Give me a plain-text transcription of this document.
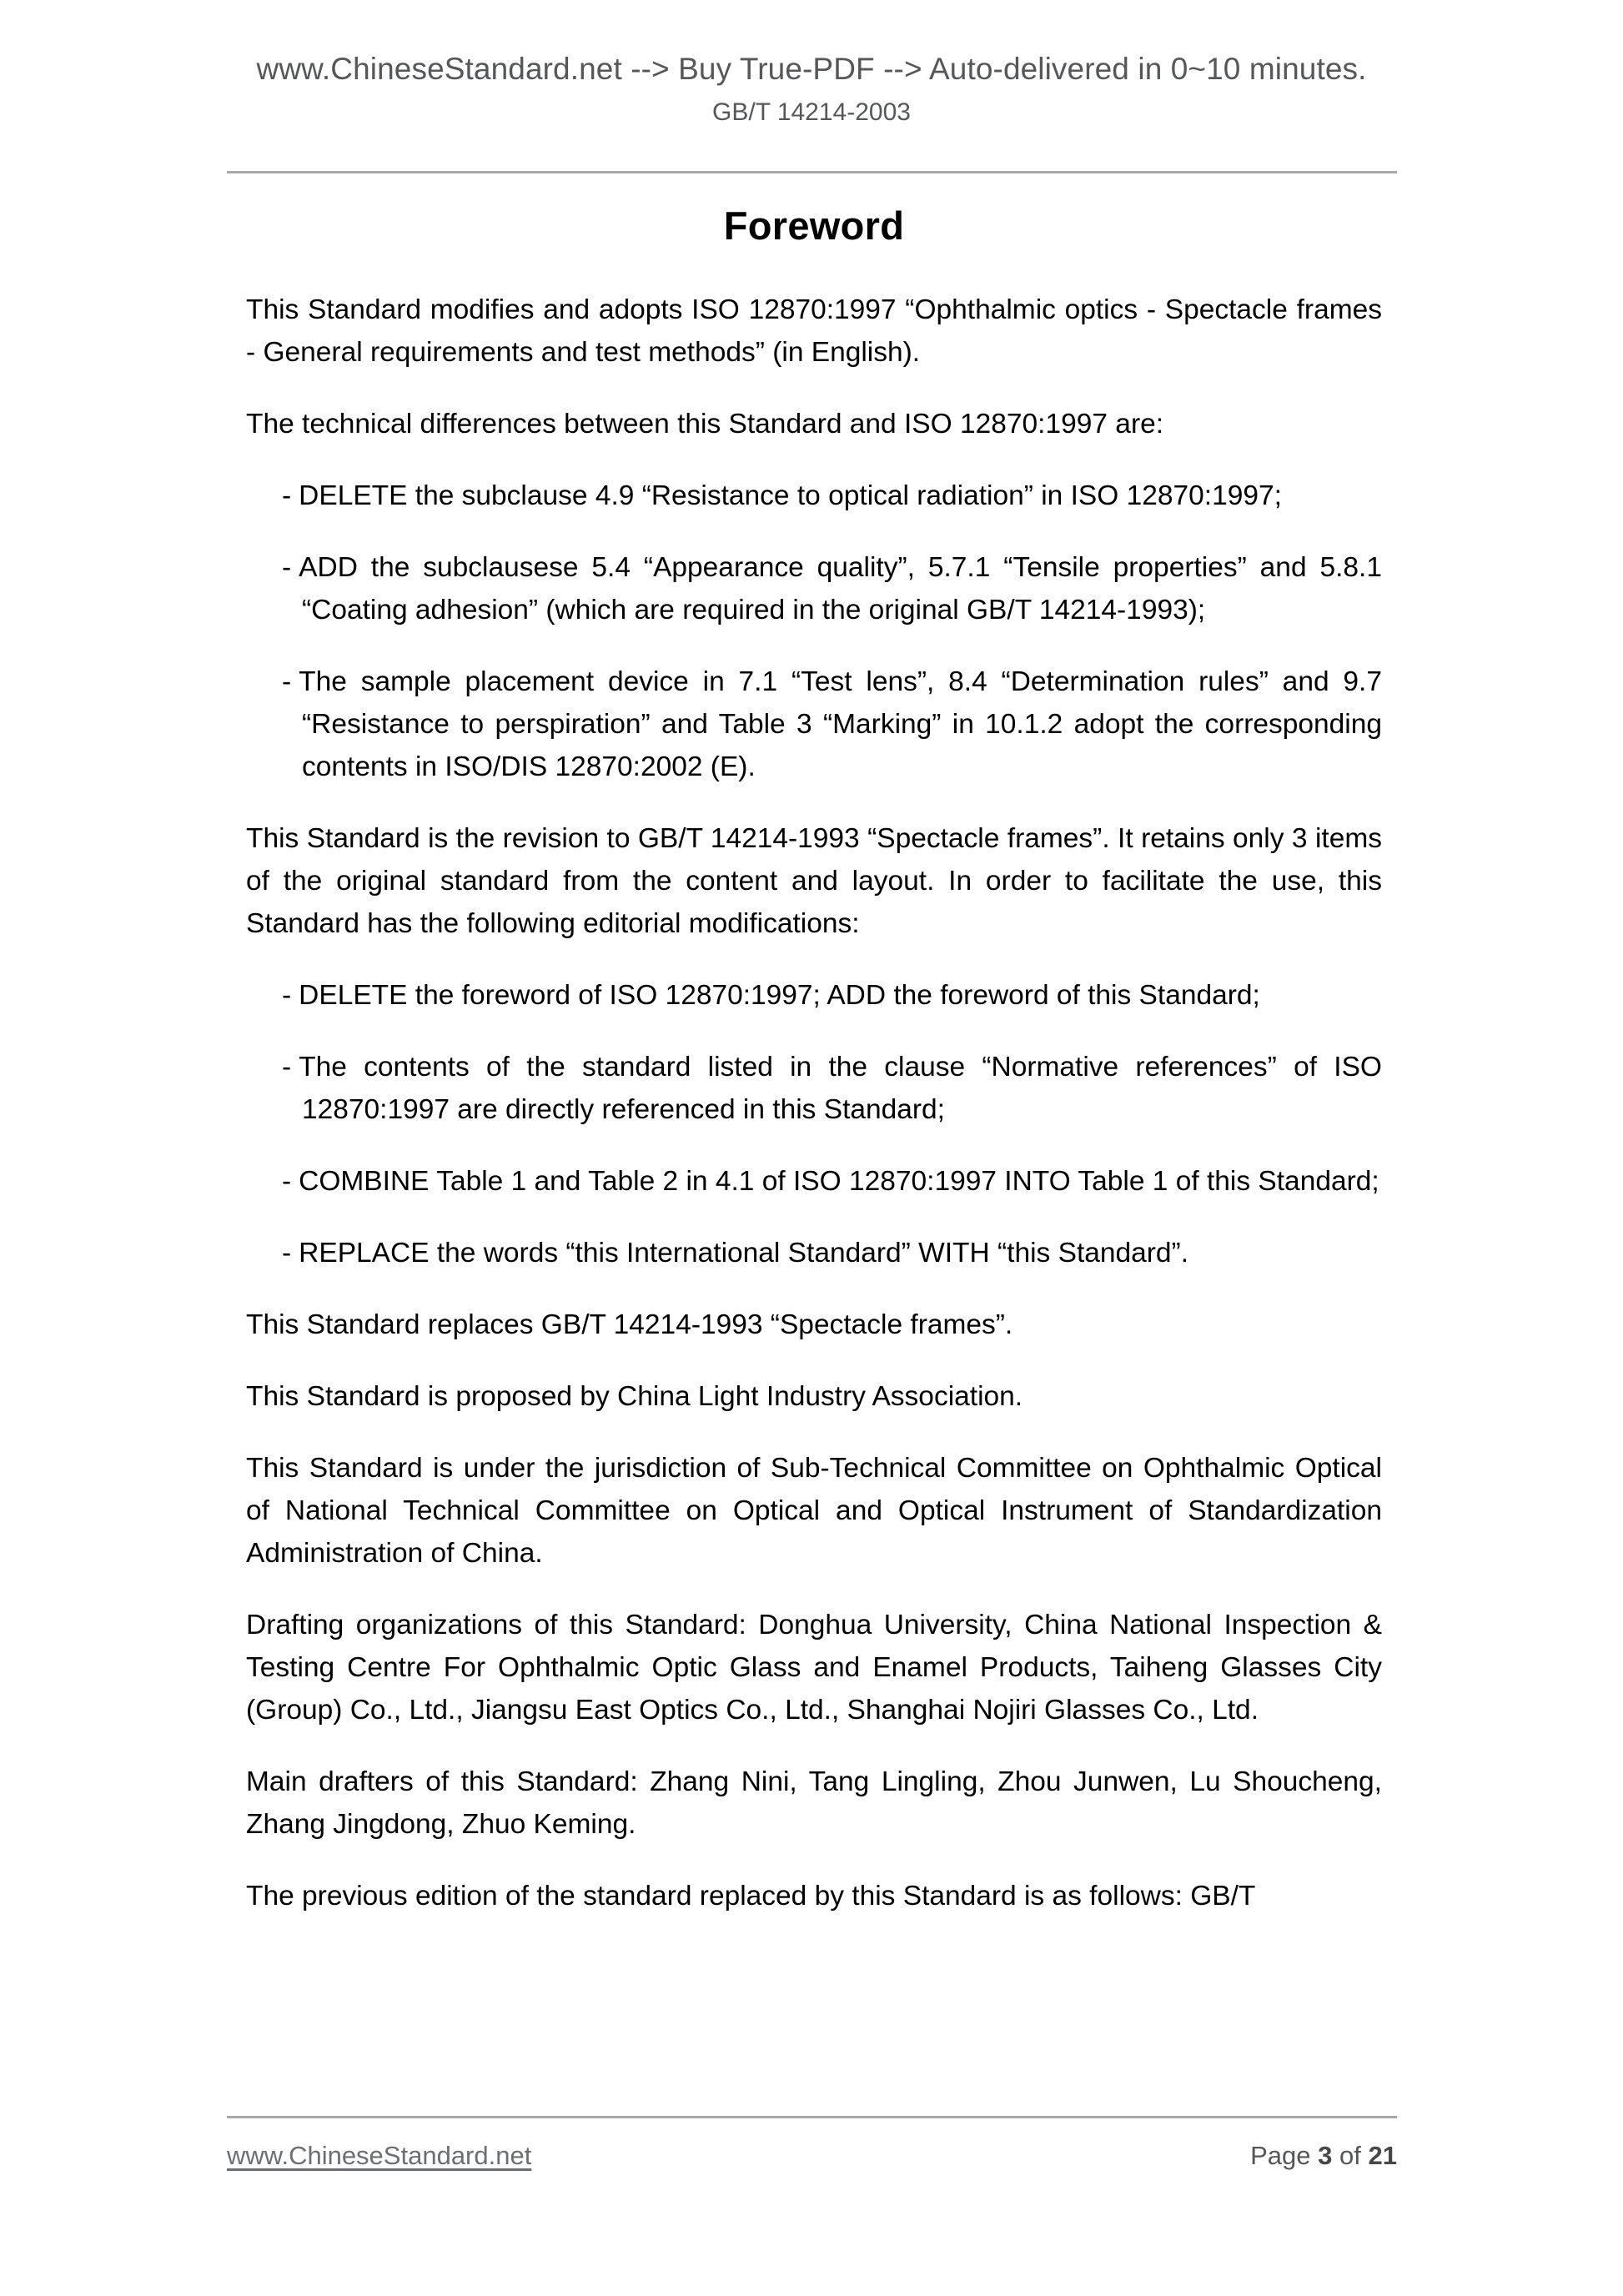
www.ChineseStandard.net --> Buy True-PDF --> Auto-delivered in 0~10 minutes.
GB/T 14214-2003
Foreword

This Standard modifies and adopts ISO 12870:1997 “Ophthalmic optics - Spectacle frames - General requirements and test methods” (in English).

The technical differences between this Standard and ISO 12870:1997 are:

- DELETE the subclause 4.9 “Resistance to optical radiation” in ISO 12870:1997;
- ADD the subclausese 5.4 “Appearance quality”, 5.7.1 “Tensile properties” and 5.8.1 “Coating adhesion” (which are required in the original GB/T 14214-1993);
- The sample placement device in 7.1 “Test lens”, 8.4 “Determination rules” and 9.7 “Resistance to perspiration” and Table 3 “Marking” in 10.1.2 adopt the corresponding contents in ISO/DIS 12870:2002 (E).

This Standard is the revision to GB/T 14214-1993 “Spectacle frames”. It retains only 3 items of the original standard from the content and layout. In order to facilitate the use, this Standard has the following editorial modifications:

- DELETE the foreword of ISO 12870:1997; ADD the foreword of this Standard;
- The contents of the standard listed in the clause “Normative references” of ISO 12870:1997 are directly referenced in this Standard;
- COMBINE Table 1 and Table 2 in 4.1 of ISO 12870:1997 INTO Table 1 of this Standard;
- REPLACE the words “this International Standard” WITH “this Standard”.

This Standard replaces GB/T 14214-1993 “Spectacle frames”.

This Standard is proposed by China Light Industry Association.

This Standard is under the jurisdiction of Sub-Technical Committee on Ophthalmic Optical of National Technical Committee on Optical and Optical Instrument of Standardization Administration of China.

Drafting organizations of this Standard: Donghua University, China National Inspection & Testing Centre For Ophthalmic Optic Glass and Enamel Products, Taiheng Glasses City (Group) Co., Ltd., Jiangsu East Optics Co., Ltd., Shanghai Nojiri Glasses Co., Ltd.

Main drafters of this Standard: Zhang Nini, Tang Lingling, Zhou Junwen, Lu Shoucheng, Zhang Jingdong, Zhuo Keming.

The previous edition of the standard replaced by this Standard is as follows: GB/T

www.ChineseStandard.net	Page 3 of 21
